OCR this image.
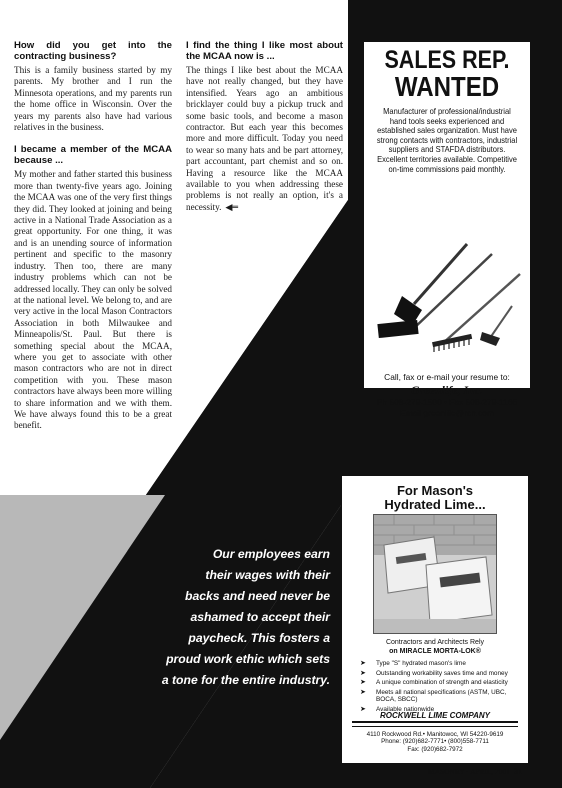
How did you get into the contracting business?

This is a family business started by my parents. My brother and I run the Minnesota operations, and my parents run the home office in Wisconsin. Over the years my parents also have had various relatives in the business.

I became a member of the MCAA because ...

My mother and father started this business more than twenty-five years ago. Joining the MCAA was one of the very first things they did. They looked at joining and being active in a National Trade Association as a great opportunity. For one thing, it was and is an unending source of information pertinent and specific to the masonry industry. Then too, there are many industry problems which can not be addressed locally. They can only be solved at the national level. We belong to, and are very active in the local Mason Contractors Association in both Milwaukee and Minneapolis/St. Paul. But there is something special about the MCAA, where you get to associate with other mason contractors who are not in direct competition with you. These mason contractors have always been more willing to share information and we with them. We have always found this to be a great benefit.

I find the thing I like most about the MCAA now is ...

The things I like best about the MCAA have not really changed, but they have intensified. Years ago an ambitious bricklayer could buy a pickup truck and some basic tools, and become a mason contractor. But each year this becomes more and more difficult. Today you need to wear so many hats and be part attorney, part accountant, part chemist and so on. Having a resource like the MCAA available to you when addressing these problems is not really an option, it's a necessity. ◀═

Our employees earn
their wages with their
backs and need never be
ashamed to accept their
paycheck. This fosters a
proud work ethic which sets
a tone for the entire industry.
SALES REP.
WANTED
Manufacturer of professional/industrial hand tools seeks experienced and established sales organization. Must have strong contacts with contractors, industrial suppliers and STAFDA distributors. Excellent territories available. Competitive on-time commissions paid monthly.
Call, fax or e-mail your resume to:
Greenlife, Inc.
Ph 508-279-1500 • Fax 508-279-1166
Email greenlife@rcn.com
For Mason's
Hydrated Lime...
Contractors and Architects Rely
on MIRACLE MORTA-LOK®
➤ Type "S" hydrated mason's lime
➤ Outstanding workability saves time and money
➤ A unique combination of strength and elasticity
➤ Meets all national specifications (ASTM, UBC, BOCA, SBCC)
➤ Available nationwide
ROCKWELL LIME COMPANY
4110 Rockwood Rd.• Manitowoc, WI 54220-9619
Phone: (920)682-7771• (800)558-7711
Fax: (920)682-7972
MASONRY · APRIL, 2001 31
